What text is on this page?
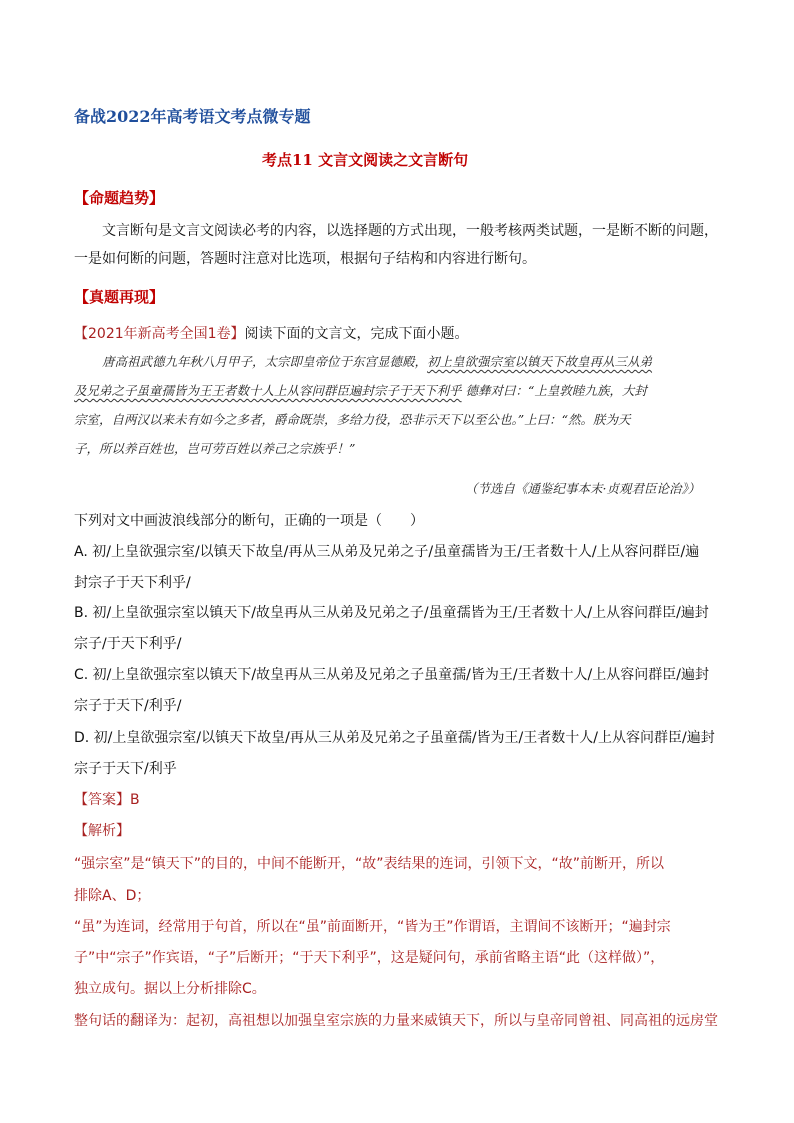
备战2022年高考语文考点微专题
考点11 文言文阅读之文言断句
【命题趋势】
文言断句是文言文阅读必考的内容，以选择题的方式出现，一般考核两类试题，一是断不断的问题，
一是如何断的问题，答题时注意对比选项，根据句子结构和内容进行断句。
【真题再现】
【2021年新高考全国1卷】阅读下面的文言文，完成下面小题。
唐高祖武德九年秋八月甲子，太宗即皇帝位于东宫显德殿，初上皇欲强宗室以镇天下故皇再从三从弟
及兄弟之子虽童孺皆为王王者数十人上从容问群臣遍封宗子于天下利乎 德彝对曰：“上皇敦睦九族，大封
宗室，自两汉以来未有如今之多者，爵命既崇，多给力役，恐非示天下以至公也。”上曰：“然。朕为天
子，所以养百姓也，岂可劳百姓以养己之宗族乎！”
（节选自《通鉴纪事本末·贞观君臣论治》）
下列对文中画波浪线部分的断句，正确的一项是（　　）
A. 初/上皇欲强宗室/以镇天下故皇/再从三从弟及兄弟之子/虽童孺皆为王/王者数十人/上从容问群臣/遍
封宗子于天下利乎/
B. 初/上皇欲强宗室以镇天下/故皇再从三从弟及兄弟之子/虽童孺皆为王/王者数十人/上从容问群臣/遍封
宗子/于天下利乎/
C. 初/上皇欲强宗室以镇天下/故皇再从三从弟及兄弟之子虽童孺/皆为王/王者数十人/上从容问群臣/遍封
宗子于天下/利乎/
D. 初/上皇欲强宗室/以镇天下故皇/再从三从弟及兄弟之子虽童孺/皆为王/王者数十人/上从容问群臣/遍封
宗子于天下/利乎
【答案】B
【解析】
“强宗室”是“镇天下”的目的，中间不能断开，“故”表结果的连词，引领下文，“故”前断开，所以
排除A、D；
“虽”为连词，经常用于句首，所以在“虽”前面断开，“皆为王”作谓语，主谓间不该断开；“遍封宗
子”中“宗子”作宾语，“子”后断开；“于天下利乎”，这是疑问句，承前省略主语“此（这样做）”，
独立成句。据以上分析排除C。
整句话的翻译为：起初，高祖想以加强皇室宗族的力量来威镇天下，所以与皇帝同曾祖、同高祖的远房堂
